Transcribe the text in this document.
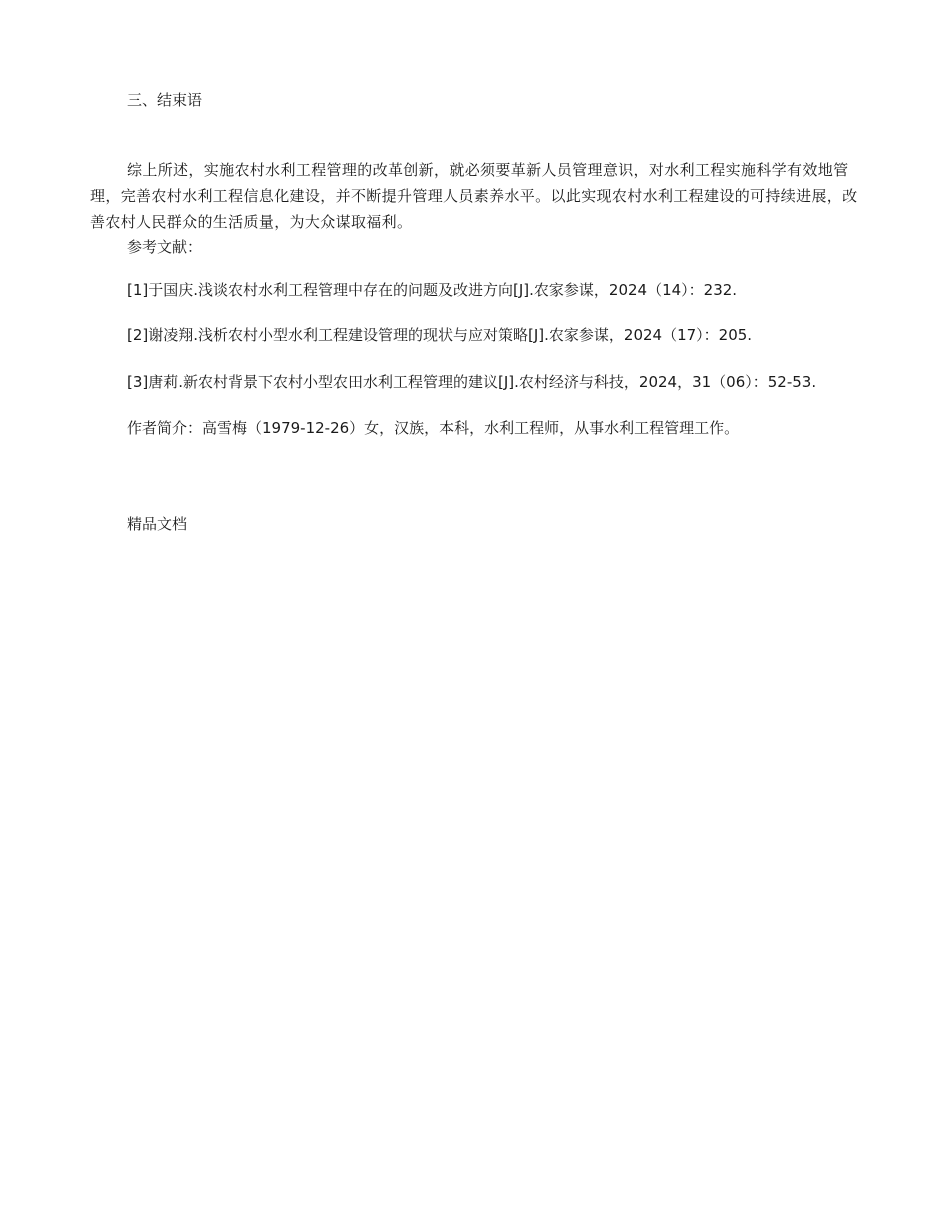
三、结束语

综上所述，实施农村水利工程管理的改革创新，就必须要革新人员管理意识，对水利工程实施科学有效地管理，完善农村水利工程信息化建设，并不断提升管理人员素养水平。以此实现农村水利工程建设的可持续进展，改善农村人民群众的生活质量，为大众谋取福利。

参考文献：

[1]于国庆.浅谈农村水利工程管理中存在的问题及改进方向[J].农家参谋，2024（14）：232.

[2]谢凌翔.浅析农村小型水利工程建设管理的现状与应对策略[J].农家参谋，2024（17）：205.

[3]唐莉.新农村背景下农村小型农田水利工程管理的建议[J].农村经济与科技，2024，31（06）：52-53.

作者简介：高雪梅（1979-12-26）女，汉族，本科，水利工程师，从事水利工程管理工作。

精品文档
